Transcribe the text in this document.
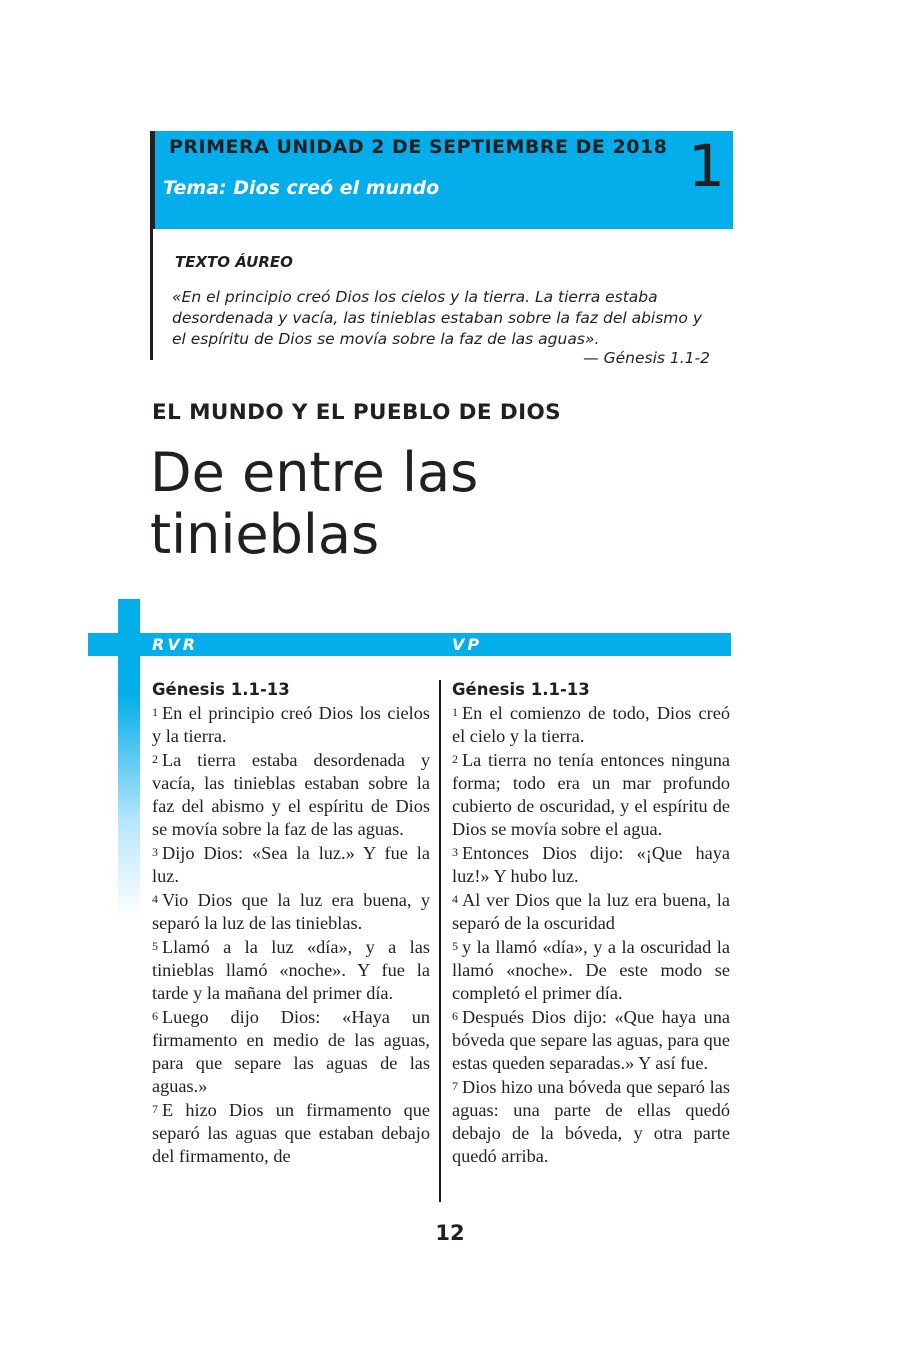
PRIMERA UNIDAD 2 DE SEPTIEMBRE DE 2018
Tema: Dios creó el mundo	1
TEXTO ÁUREO
«En el principio creó Dios los cielos y la tierra. La tierra estaba desordenada y vacía, las tinieblas estaban sobre la faz del abismo y el espíritu de Dios se movía sobre la faz de las aguas».
— Génesis 1.1-2
EL MUNDO Y EL PUEBLO DE DIOS
De entre las tinieblas
RVR	VP
Génesis 1.1-13

1 En el principio creó Dios los cielos y la tierra.

2 La tierra estaba desordenada y vacía, las tinieblas estaban sobre la faz del abismo y el espíritu de Dios se movía sobre la faz de las aguas.

3 Dijo Dios: «Sea la luz.» Y fue la luz.

4 Vio Dios que la luz era buena, y separó la luz de las tinieblas.

5 Llamó a la luz «día», y a las tinieblas llamó «noche». Y fue la tarde y la mañana del primer día.

6 Luego dijo Dios: «Haya un firmamento en medio de las aguas, para que separe las aguas de las aguas.»

7 E hizo Dios un firmamento que separó las aguas que estaban debajo del firmamento, de

Génesis 1.1-13

1 En el comienzo de todo, Dios creó el cielo y la tierra.

2 La tierra no tenía entonces ninguna forma; todo era un mar profundo cubierto de oscuridad, y el espíritu de Dios se movía sobre el agua.

3 Entonces Dios dijo: «¡Que haya luz!» Y hubo luz.

4 Al ver Dios que la luz era buena, la separó de la oscuridad

5 y la llamó «día», y a la oscuridad la llamó «noche». De este modo se completó el primer día.

6 Después Dios dijo: «Que haya una bóveda que separe las aguas, para que estas queden separadas.» Y así fue.

7 Dios hizo una bóveda que separó las aguas: una parte de ellas quedó debajo de la bóveda, y otra parte quedó arriba.

12
